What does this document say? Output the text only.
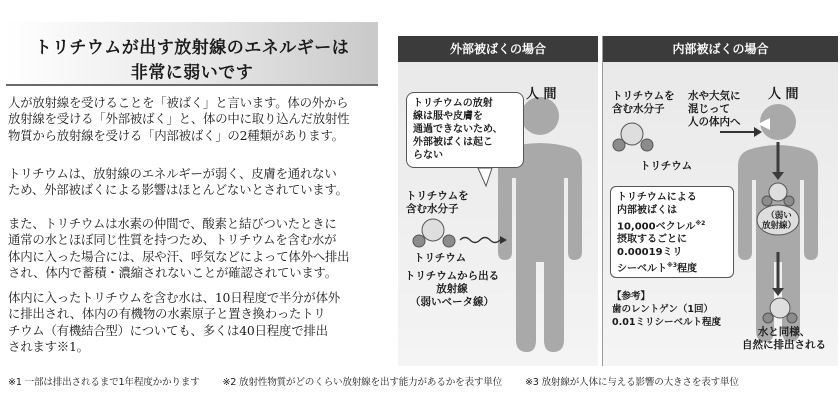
トリチウムが出す放射線のエネルギーは
非常に弱いです
人が放射線を受けることを「被ばく」と言います。体の外から
放射線を受ける「外部被ばく」と、体の中に取り込んだ放射性
物質から放射線を受ける「内部被ばく」の2種類があります。
トリチウムは、放射線のエネルギーが弱く、皮膚を通れない
ため、外部被ばくによる影響はほとんどないとされています。
また、トリチウムは水素の仲間で、酸素と結びついたときに
通常の水とほぼ同じ性質を持つため、トリチウムを含む水が
体内に入った場合には、尿や汗、呼気などによって体外へ排出
され、体内で蓄積・濃縮されないことが確認されています。
体内に入ったトリチウムを含む水は、10日程度で半分が体外
に排出され、体内の有機物の水素原子と置き換わったトリ
チウム（有機結合型）についても、多くは40日程度で排出
されます※1。
※1 一部は排出されるまで1年程度かかります ※2 放射性物質がどのくらい放射線を出す能力があるかを表す単位 ※3 放射線が人体に与える影響の大きさを表す単位
外部被ばくの場合	内部被ばくの場合
人 間
トリチウムの放射
線は服や皮膚を
通過できないため、
外部被ばくは起こ
らない
トリチウムを
含む水分子
トリチウム
トリチウムから出る
放射線
（弱いベータ線）
人 間
トリチウムを
含む水分子
水や大気に
混じって
人の体内へ
トリチウム
トリチウムによる
内部被ばくは
10,000ベクレル$^{※2}$
摂取するごとに
0.00019ミリ
シーベルト$^{※3}$程度
（弱い
放射線）
【参考】
歯のレントゲン（1回）
0.01ミリシーベルト程度
水と同様、
自然に排出される
